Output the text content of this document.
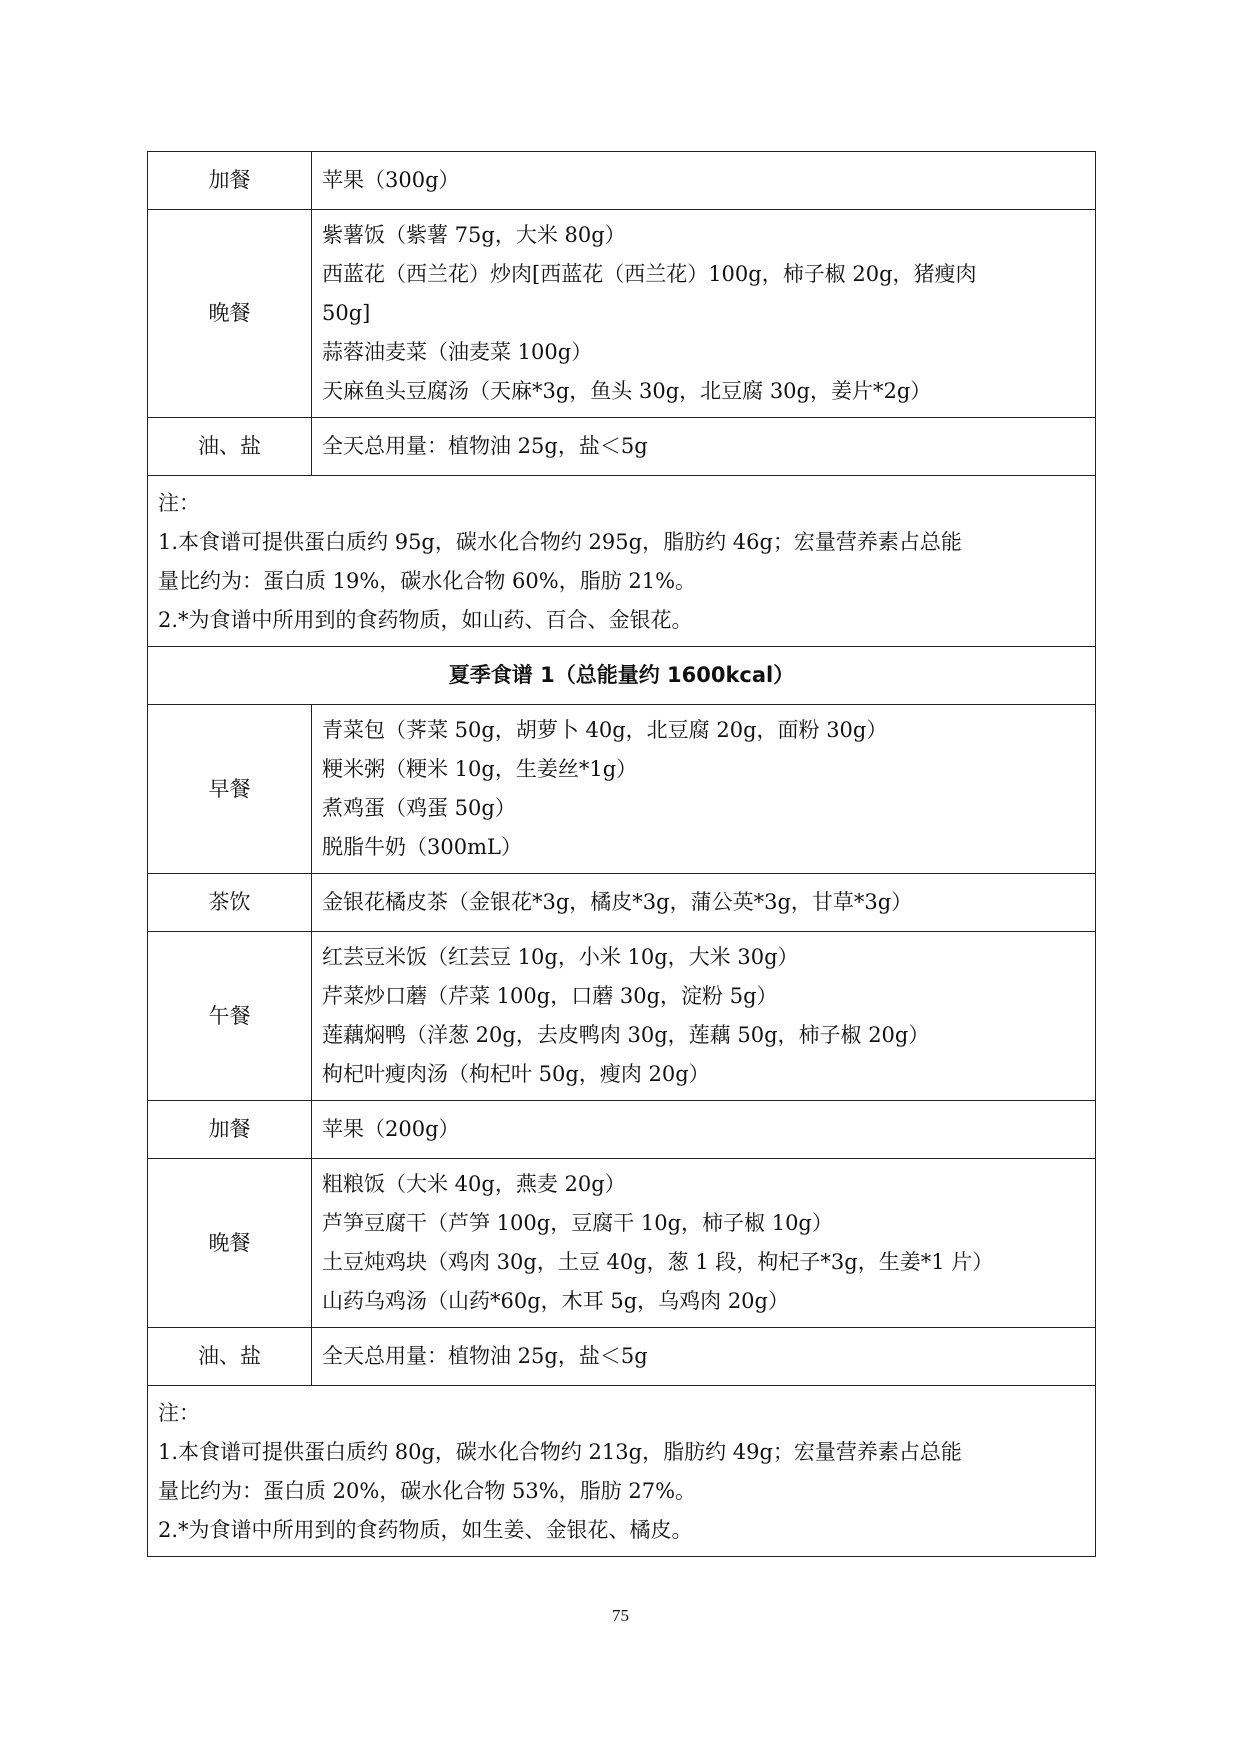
加餐	苹果（300g）

晚餐	紫薯饭（紫薯 75g，大米 80g）
西蓝花（西兰花）炒肉[西蓝花（西兰花）100g，柿子椒 20g，猪瘦肉
50g]
蒜蓉油麦菜（油麦菜 100g）
天麻鱼头豆腐汤（天麻*3g，鱼头 30g，北豆腐 30g，姜片*2g）

油、盐	全天总用量：植物油 25g，盐＜5g

注：
1.本食谱可提供蛋白质约 95g，碳水化合物约 295g，脂肪约 46g；宏量营养素占总能
量比约为：蛋白质 19%，碳水化合物 60%，脂肪 21%。
2.*为食谱中所用到的食药物质，如山药、百合、金银花。	

夏季食谱 1（总能量约 1600kcal）	
早餐	青菜包（荠菜 50g，胡萝卜 40g，北豆腐 20g，面粉 30g）
粳米粥（粳米 10g，生姜丝*1g）
煮鸡蛋（鸡蛋 50g）
脱脂牛奶（300mL）

茶饮	金银花橘皮茶（金银花*3g，橘皮*3g，蒲公英*3g，甘草*3g）

午餐	红芸豆米饭（红芸豆 10g，小米 10g，大米 30g）
芹菜炒口蘑（芹菜 100g，口蘑 30g，淀粉 5g）
莲藕焖鸭（洋葱 20g，去皮鸭肉 30g，莲藕 50g，柿子椒 20g）
枸杞叶瘦肉汤（枸杞叶 50g，瘦肉 20g）

加餐	苹果（200g）

晚餐	粗粮饭（大米 40g，燕麦 20g）
芦笋豆腐干（芦笋 100g，豆腐干 10g，柿子椒 10g）
土豆炖鸡块（鸡肉 30g，土豆 40g，葱 1 段，枸杞子*3g，生姜*1 片）
山药乌鸡汤（山药*60g，木耳 5g，乌鸡肉 20g）

油、盐	全天总用量：植物油 25g，盐＜5g

注：
1.本食谱可提供蛋白质约 80g，碳水化合物约 213g，脂肪约 49g；宏量营养素占总能
量比约为：蛋白质 20%，碳水化合物 53%，脂肪 27%。
2.*为食谱中所用到的食药物质，如生姜、金银花、橘皮。	
75
